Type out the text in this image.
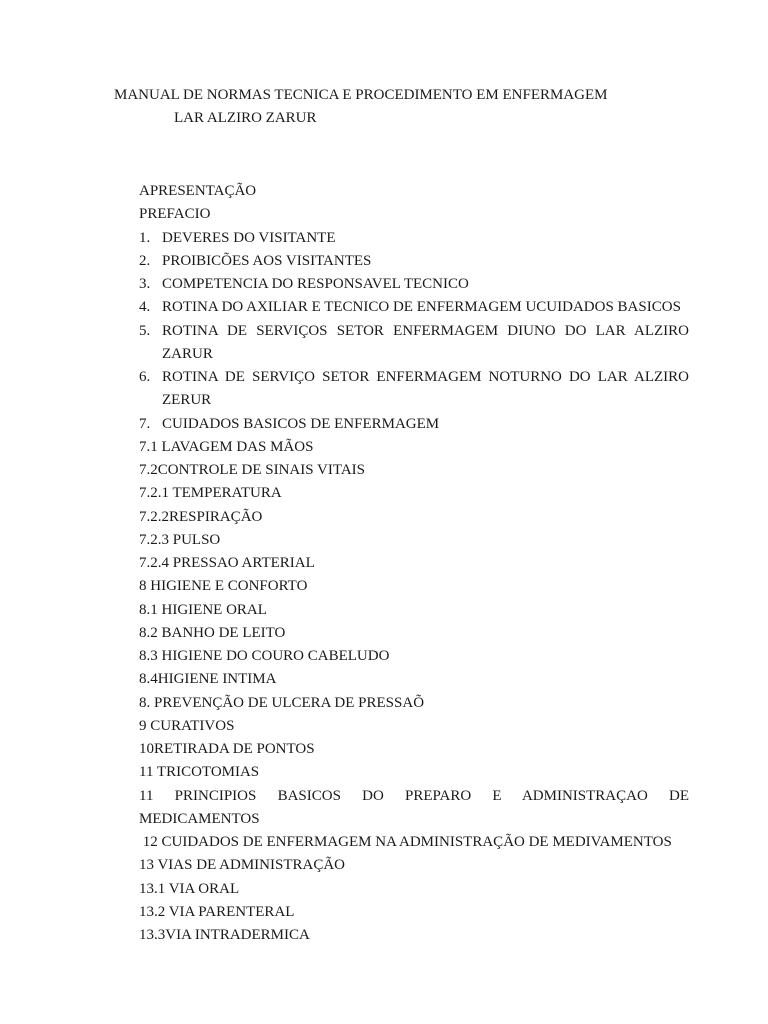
MANUAL DE NORMAS TECNICA E PROCEDIMENTO EM ENFERMAGEM
LAR ALZIRO ZARUR
APRESENTAÇÃO
PREFACIO
1. DEVERES DO VISITANTE
2. PROIBICÕES AOS VISITANTES
3. COMPETENCIA DO RESPONSAVEL TECNICO
4. ROTINA DO AXILIAR E TECNICO DE ENFERMAGEM UCUIDADOS BASICOS
5. ROTINA DE SERVIÇOS SETOR ENFERMAGEM DIUNO DO LAR ALZIRO ZARUR
6. ROTINA DE SERVIÇO SETOR ENFERMAGEM NOTURNO DO LAR ALZIRO ZERUR
7. CUIDADOS BASICOS DE ENFERMAGEM
7.1 LAVAGEM DAS MÃOS
7.2CONTROLE DE SINAIS VITAIS
7.2.1 TEMPERATURA
7.2.2RESPIRAÇÃO
7.2.3 PULSO
7.2.4 PRESSAO ARTERIAL
8 HIGIENE E CONFORTO
8.1 HIGIENE ORAL
8.2 BANHO DE LEITO
8.3 HIGIENE DO COURO CABELUDO
8.4HIGIENE INTIMA
8. PREVENÇÃO DE ULCERA DE PRESSAÕ
9 CURATIVOS
10RETIRADA DE PONTOS
11 TRICOTOMIAS
11 PRINCIPIOS BASICOS DO PREPARO E ADMINISTRAÇAO DE MEDICAMENTOS
12 CUIDADOS DE ENFERMAGEM NA ADMINISTRAÇÃO DE MEDIVAMENTOS
13 VIAS DE ADMINISTRAÇÃO
13.1 VIA ORAL
13.2 VIA PARENTERAL
13.3VIA INTRADERMICA
